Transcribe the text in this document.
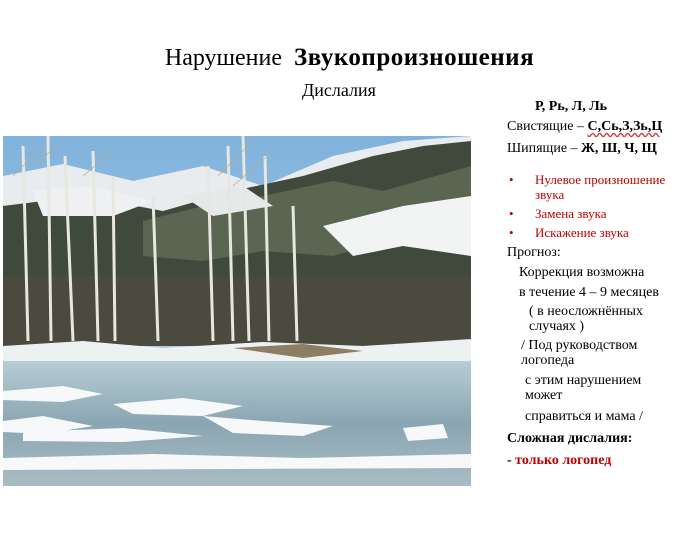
Нарушение Звукопроизношения
Дислалия
Р, Рь, Л, Ль
Свистящие – С,Сь,З,Зь,Ц
Шипящие – Ж, Ш, Ч, Щ
• Нулевое произношение звука
• Замена звука
• Искажение звука
Прогноз:
Коррекция возможна
в течение 4 – 9 месяцев
( в неосложнённых случаях )
/ Под руководством логопеда
с этим нарушением может
справиться и мама /
Сложная дислалия:
- только логопед
